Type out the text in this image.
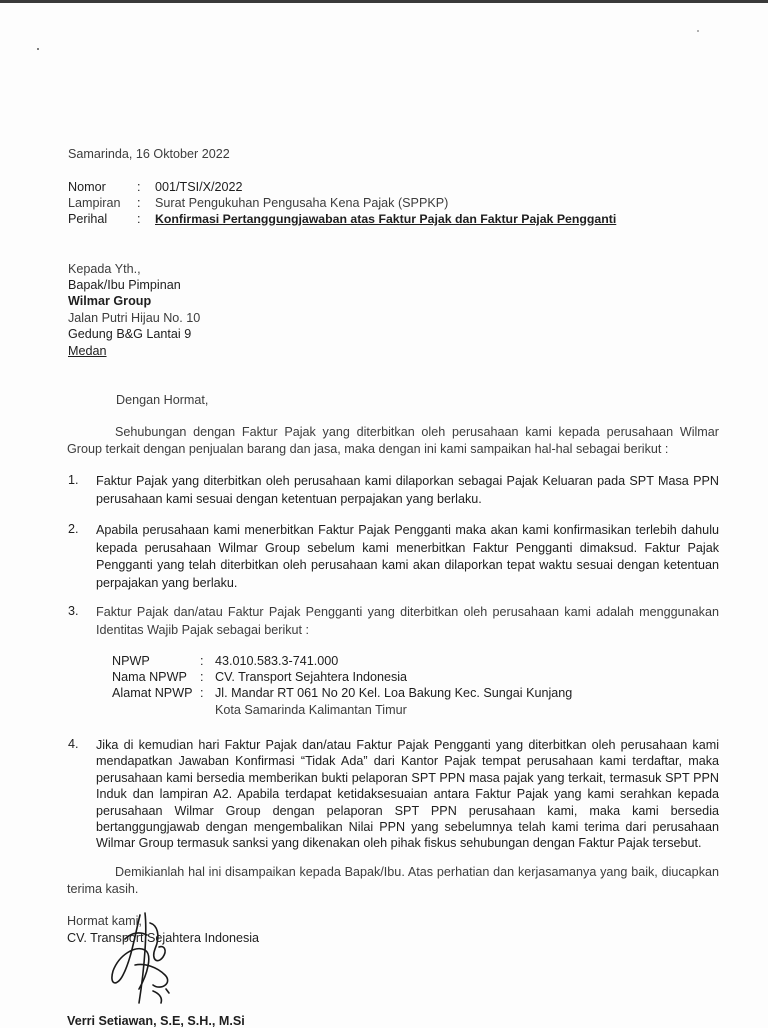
Samarinda, 16 Oktober 2022
Nomor : 001/TSI/X/2022
Lampiran : Surat Pengukuhan Pengusaha Kena Pajak (SPPKP)
Perihal : Konfirmasi Pertanggungjawaban atas Faktur Pajak dan Faktur Pajak Pengganti
Kepada Yth.,
Bapak/Ibu Pimpinan
Wilmar Group
Jalan Putri Hijau No. 10
Gedung B&G Lantai 9
Medan
Dengan Hormat,
Sehubungan dengan Faktur Pajak yang diterbitkan oleh perusahaan kami kepada perusahaan Wilmar Group terkait dengan penjualan barang dan jasa, maka dengan ini kami sampaikan hal-hal sebagai berikut :
1. Faktur Pajak yang diterbitkan oleh perusahaan kami dilaporkan sebagai Pajak Keluaran pada SPT Masa PPN perusahaan kami sesuai dengan ketentuan perpajakan yang berlaku.
2. Apabila perusahaan kami menerbitkan Faktur Pajak Pengganti maka akan kami konfirmasikan terlebih dahulu kepada perusahaan Wilmar Group sebelum kami menerbitkan Faktur Pengganti dimaksud. Faktur Pajak Pengganti yang telah diterbitkan oleh perusahaan kami akan dilaporkan tepat waktu sesuai dengan ketentuan perpajakan yang berlaku.
3. Faktur Pajak dan/atau Faktur Pajak Pengganti yang diterbitkan oleh perusahaan kami adalah menggunakan Identitas Wajib Pajak sebagai berikut :
NPWP	: 43.010.583.3-741.000
Nama NPWP : CV. Transport Sejahtera Indonesia
Alamat NPWP : Jl. Mandar RT 061 No 20 Kel. Loa Bakung Kec. Sungai Kunjang
Kota Samarinda Kalimantan Timur
4. Jika di kemudian hari Faktur Pajak dan/atau Faktur Pajak Pengganti yang diterbitkan oleh perusahaan kami mendapatkan Jawaban Konfirmasi “Tidak Ada” dari Kantor Pajak tempat perusahaan kami terdaftar, maka perusahaan kami bersedia memberikan bukti pelaporan SPT PPN masa pajak yang terkait, termasuk SPT PPN Induk dan lampiran A2. Apabila terdapat ketidaksesuaian antara Faktur Pajak yang kami serahkan kepada perusahaan Wilmar Group dengan pelaporan SPT PPN perusahaan kami, maka kami bersedia bertanggungjawab dengan mengembalikan Nilai PPN yang sebelumnya telah kami terima dari perusahaan Wilmar Group termasuk sanksi yang dikenakan oleh pihak fiskus sehubungan dengan Faktur Pajak tersebut.
Demikianlah hal ini disampaikan kepada Bapak/Ibu. Atas perhatian dan kerjasamanya yang baik, diucapkan terima kasih.
Hormat kami,
CV. Transport Sejahtera Indonesia
Verri Setiawan, S.E, S.H., M.Si
